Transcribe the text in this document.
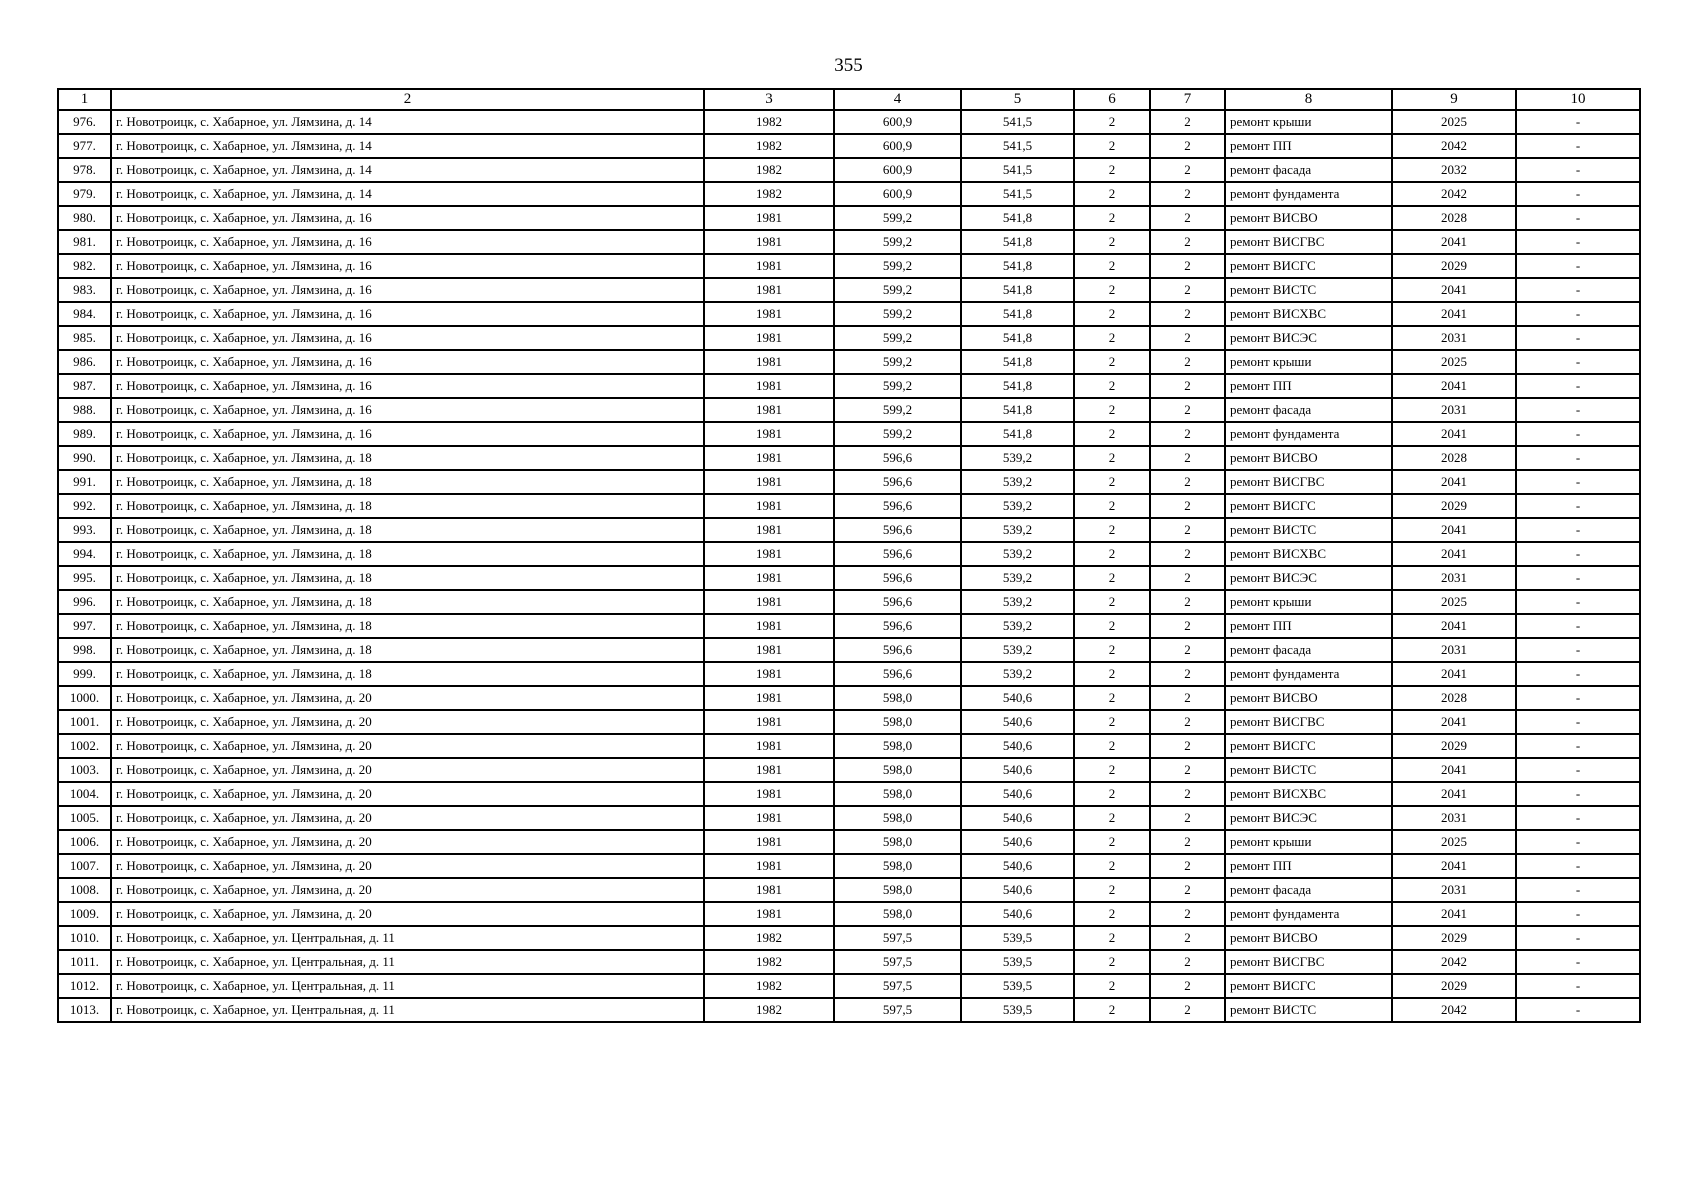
355
1	2	3	4	5	6	7	8	9	10
976.	г. Новотроицк, с. Хабарное, ул. Лямзина, д. 14	1982	600,9	541,5	2	2	ремонт крыши	2025	-
977.	г. Новотроицк, с. Хабарное, ул. Лямзина, д. 14	1982	600,9	541,5	2	2	ремонт ПП	2042	-
978.	г. Новотроицк, с. Хабарное, ул. Лямзина, д. 14	1982	600,9	541,5	2	2	ремонт фасада	2032	-
979.	г. Новотроицк, с. Хабарное, ул. Лямзина, д. 14	1982	600,9	541,5	2	2	ремонт фундамента	2042	-
980.	г. Новотроицк, с. Хабарное, ул. Лямзина, д. 16	1981	599,2	541,8	2	2	ремонт ВИСВО	2028	-
981.	г. Новотроицк, с. Хабарное, ул. Лямзина, д. 16	1981	599,2	541,8	2	2	ремонт ВИСГВС	2041	-
982.	г. Новотроицк, с. Хабарное, ул. Лямзина, д. 16	1981	599,2	541,8	2	2	ремонт ВИСГС	2029	-
983.	г. Новотроицк, с. Хабарное, ул. Лямзина, д. 16	1981	599,2	541,8	2	2	ремонт ВИСТС	2041	-
984.	г. Новотроицк, с. Хабарное, ул. Лямзина, д. 16	1981	599,2	541,8	2	2	ремонт ВИСХВС	2041	-
985.	г. Новотроицк, с. Хабарное, ул. Лямзина, д. 16	1981	599,2	541,8	2	2	ремонт ВИСЭС	2031	-
986.	г. Новотроицк, с. Хабарное, ул. Лямзина, д. 16	1981	599,2	541,8	2	2	ремонт крыши	2025	-
987.	г. Новотроицк, с. Хабарное, ул. Лямзина, д. 16	1981	599,2	541,8	2	2	ремонт ПП	2041	-
988.	г. Новотроицк, с. Хабарное, ул. Лямзина, д. 16	1981	599,2	541,8	2	2	ремонт фасада	2031	-
989.	г. Новотроицк, с. Хабарное, ул. Лямзина, д. 16	1981	599,2	541,8	2	2	ремонт фундамента	2041	-
990.	г. Новотроицк, с. Хабарное, ул. Лямзина, д. 18	1981	596,6	539,2	2	2	ремонт ВИСВО	2028	-
991.	г. Новотроицк, с. Хабарное, ул. Лямзина, д. 18	1981	596,6	539,2	2	2	ремонт ВИСГВС	2041	-
992.	г. Новотроицк, с. Хабарное, ул. Лямзина, д. 18	1981	596,6	539,2	2	2	ремонт ВИСГС	2029	-
993.	г. Новотроицк, с. Хабарное, ул. Лямзина, д. 18	1981	596,6	539,2	2	2	ремонт ВИСТС	2041	-
994.	г. Новотроицк, с. Хабарное, ул. Лямзина, д. 18	1981	596,6	539,2	2	2	ремонт ВИСХВС	2041	-
995.	г. Новотроицк, с. Хабарное, ул. Лямзина, д. 18	1981	596,6	539,2	2	2	ремонт ВИСЭС	2031	-
996.	г. Новотроицк, с. Хабарное, ул. Лямзина, д. 18	1981	596,6	539,2	2	2	ремонт крыши	2025	-
997.	г. Новотроицк, с. Хабарное, ул. Лямзина, д. 18	1981	596,6	539,2	2	2	ремонт ПП	2041	-
998.	г. Новотроицк, с. Хабарное, ул. Лямзина, д. 18	1981	596,6	539,2	2	2	ремонт фасада	2031	-
999.	г. Новотроицк, с. Хабарное, ул. Лямзина, д. 18	1981	596,6	539,2	2	2	ремонт фундамента	2041	-
1000.	г. Новотроицк, с. Хабарное, ул. Лямзина, д. 20	1981	598,0	540,6	2	2	ремонт ВИСВО	2028	-
1001.	г. Новотроицк, с. Хабарное, ул. Лямзина, д. 20	1981	598,0	540,6	2	2	ремонт ВИСГВС	2041	-
1002.	г. Новотроицк, с. Хабарное, ул. Лямзина, д. 20	1981	598,0	540,6	2	2	ремонт ВИСГС	2029	-
1003.	г. Новотроицк, с. Хабарное, ул. Лямзина, д. 20	1981	598,0	540,6	2	2	ремонт ВИСТС	2041	-
1004.	г. Новотроицк, с. Хабарное, ул. Лямзина, д. 20	1981	598,0	540,6	2	2	ремонт ВИСХВС	2041	-
1005.	г. Новотроицк, с. Хабарное, ул. Лямзина, д. 20	1981	598,0	540,6	2	2	ремонт ВИСЭС	2031	-
1006.	г. Новотроицк, с. Хабарное, ул. Лямзина, д. 20	1981	598,0	540,6	2	2	ремонт крыши	2025	-
1007.	г. Новотроицк, с. Хабарное, ул. Лямзина, д. 20	1981	598,0	540,6	2	2	ремонт ПП	2041	-
1008.	г. Новотроицк, с. Хабарное, ул. Лямзина, д. 20	1981	598,0	540,6	2	2	ремонт фасада	2031	-
1009.	г. Новотроицк, с. Хабарное, ул. Лямзина, д. 20	1981	598,0	540,6	2	2	ремонт фундамента	2041	-
1010.	г. Новотроицк, с. Хабарное, ул. Центральная, д. 11	1982	597,5	539,5	2	2	ремонт ВИСВО	2029	-
1011.	г. Новотроицк, с. Хабарное, ул. Центральная, д. 11	1982	597,5	539,5	2	2	ремонт ВИСГВС	2042	-
1012.	г. Новотроицк, с. Хабарное, ул. Центральная, д. 11	1982	597,5	539,5	2	2	ремонт ВИСГС	2029	-
1013.	г. Новотроицк, с. Хабарное, ул. Центральная, д. 11	1982	597,5	539,5	2	2	ремонт ВИСТС	2042	-
